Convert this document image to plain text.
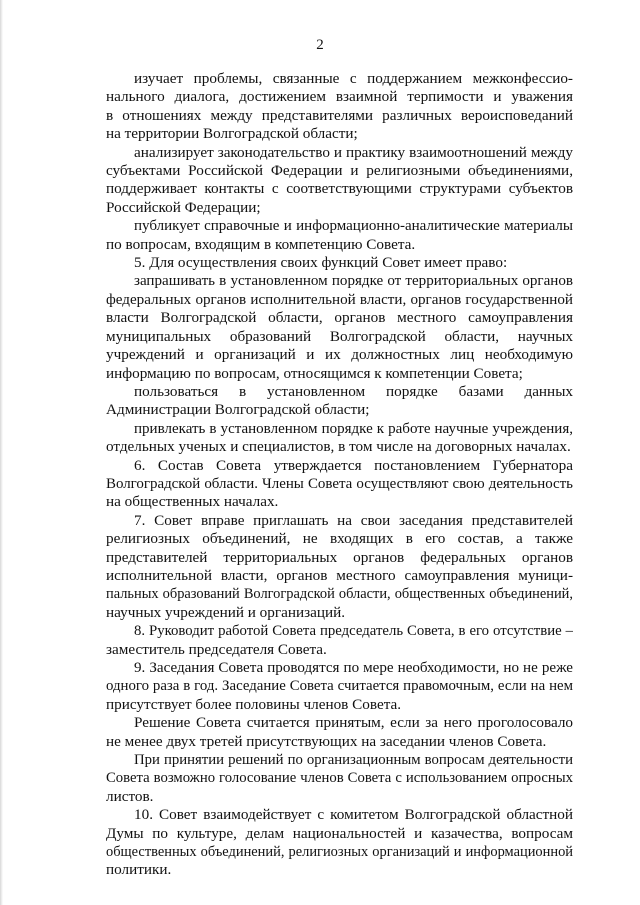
2
изучает проблемы, связанные с поддержанием межконфессио-
нального диалога, достижением взаимной терпимости и уважения
в отношениях между представителями различных вероисповеданий
на территории Волгоградской области;
анализирует законодательство и практику взаимоотношений между
субъектами Российской Федерации и религиозными объединениями,
поддерживает контакты с соответствующими структурами субъектов
Российской Федерации;
публикует справочные и информационно-аналитические материалы
по вопросам, входящим в компетенцию Совета.
5. Для осуществления своих функций Совет имеет право:
запрашивать в установленном порядке от территориальных органов
федеральных органов исполнительной власти, органов государственной
власти Волгоградской области, органов местного самоуправления
муниципальных образований Волгоградской области, научных
учреждений и организаций и их должностных лиц необходимую
информацию по вопросам, относящимся к компетенции Совета;
пользоваться в установленном порядке базами данных
Администрации Волгоградской области;
привлекать в установленном порядке к работе научные учреждения,
отдельных ученых и специалистов, в том числе на договорных началах.
6. Состав Совета утверждается постановлением Губернатора
Волгоградской области. Члены Совета осуществляют свою деятельность
на общественных началах.
7. Совет вправе приглашать на свои заседания представителей
религиозных объединений, не входящих в его состав, а также
представителей территориальных органов федеральных органов
исполнительной власти, органов местного самоуправления муници-
пальных образований Волгоградской области, общественных объединений,
научных учреждений и организаций.
8. Руководит работой Совета председатель Совета, в его отсутствие –
заместитель председателя Совета.
9. Заседания Совета проводятся по мере необходимости, но не реже
одного раза в год. Заседание Совета считается правомочным, если на нем
присутствует более половины членов Совета.
Решение Совета считается принятым, если за него проголосовало
не менее двух третей присутствующих на заседании членов Совета.
При принятии решений по организационным вопросам деятельности
Совета возможно голосование членов Совета с использованием опросных
листов.
10. Совет взаимодействует с комитетом Волгоградской областной
Думы по культуре, делам национальностей и казачества, вопросам
общественных объединений, религиозных организаций и информационной
политики.
